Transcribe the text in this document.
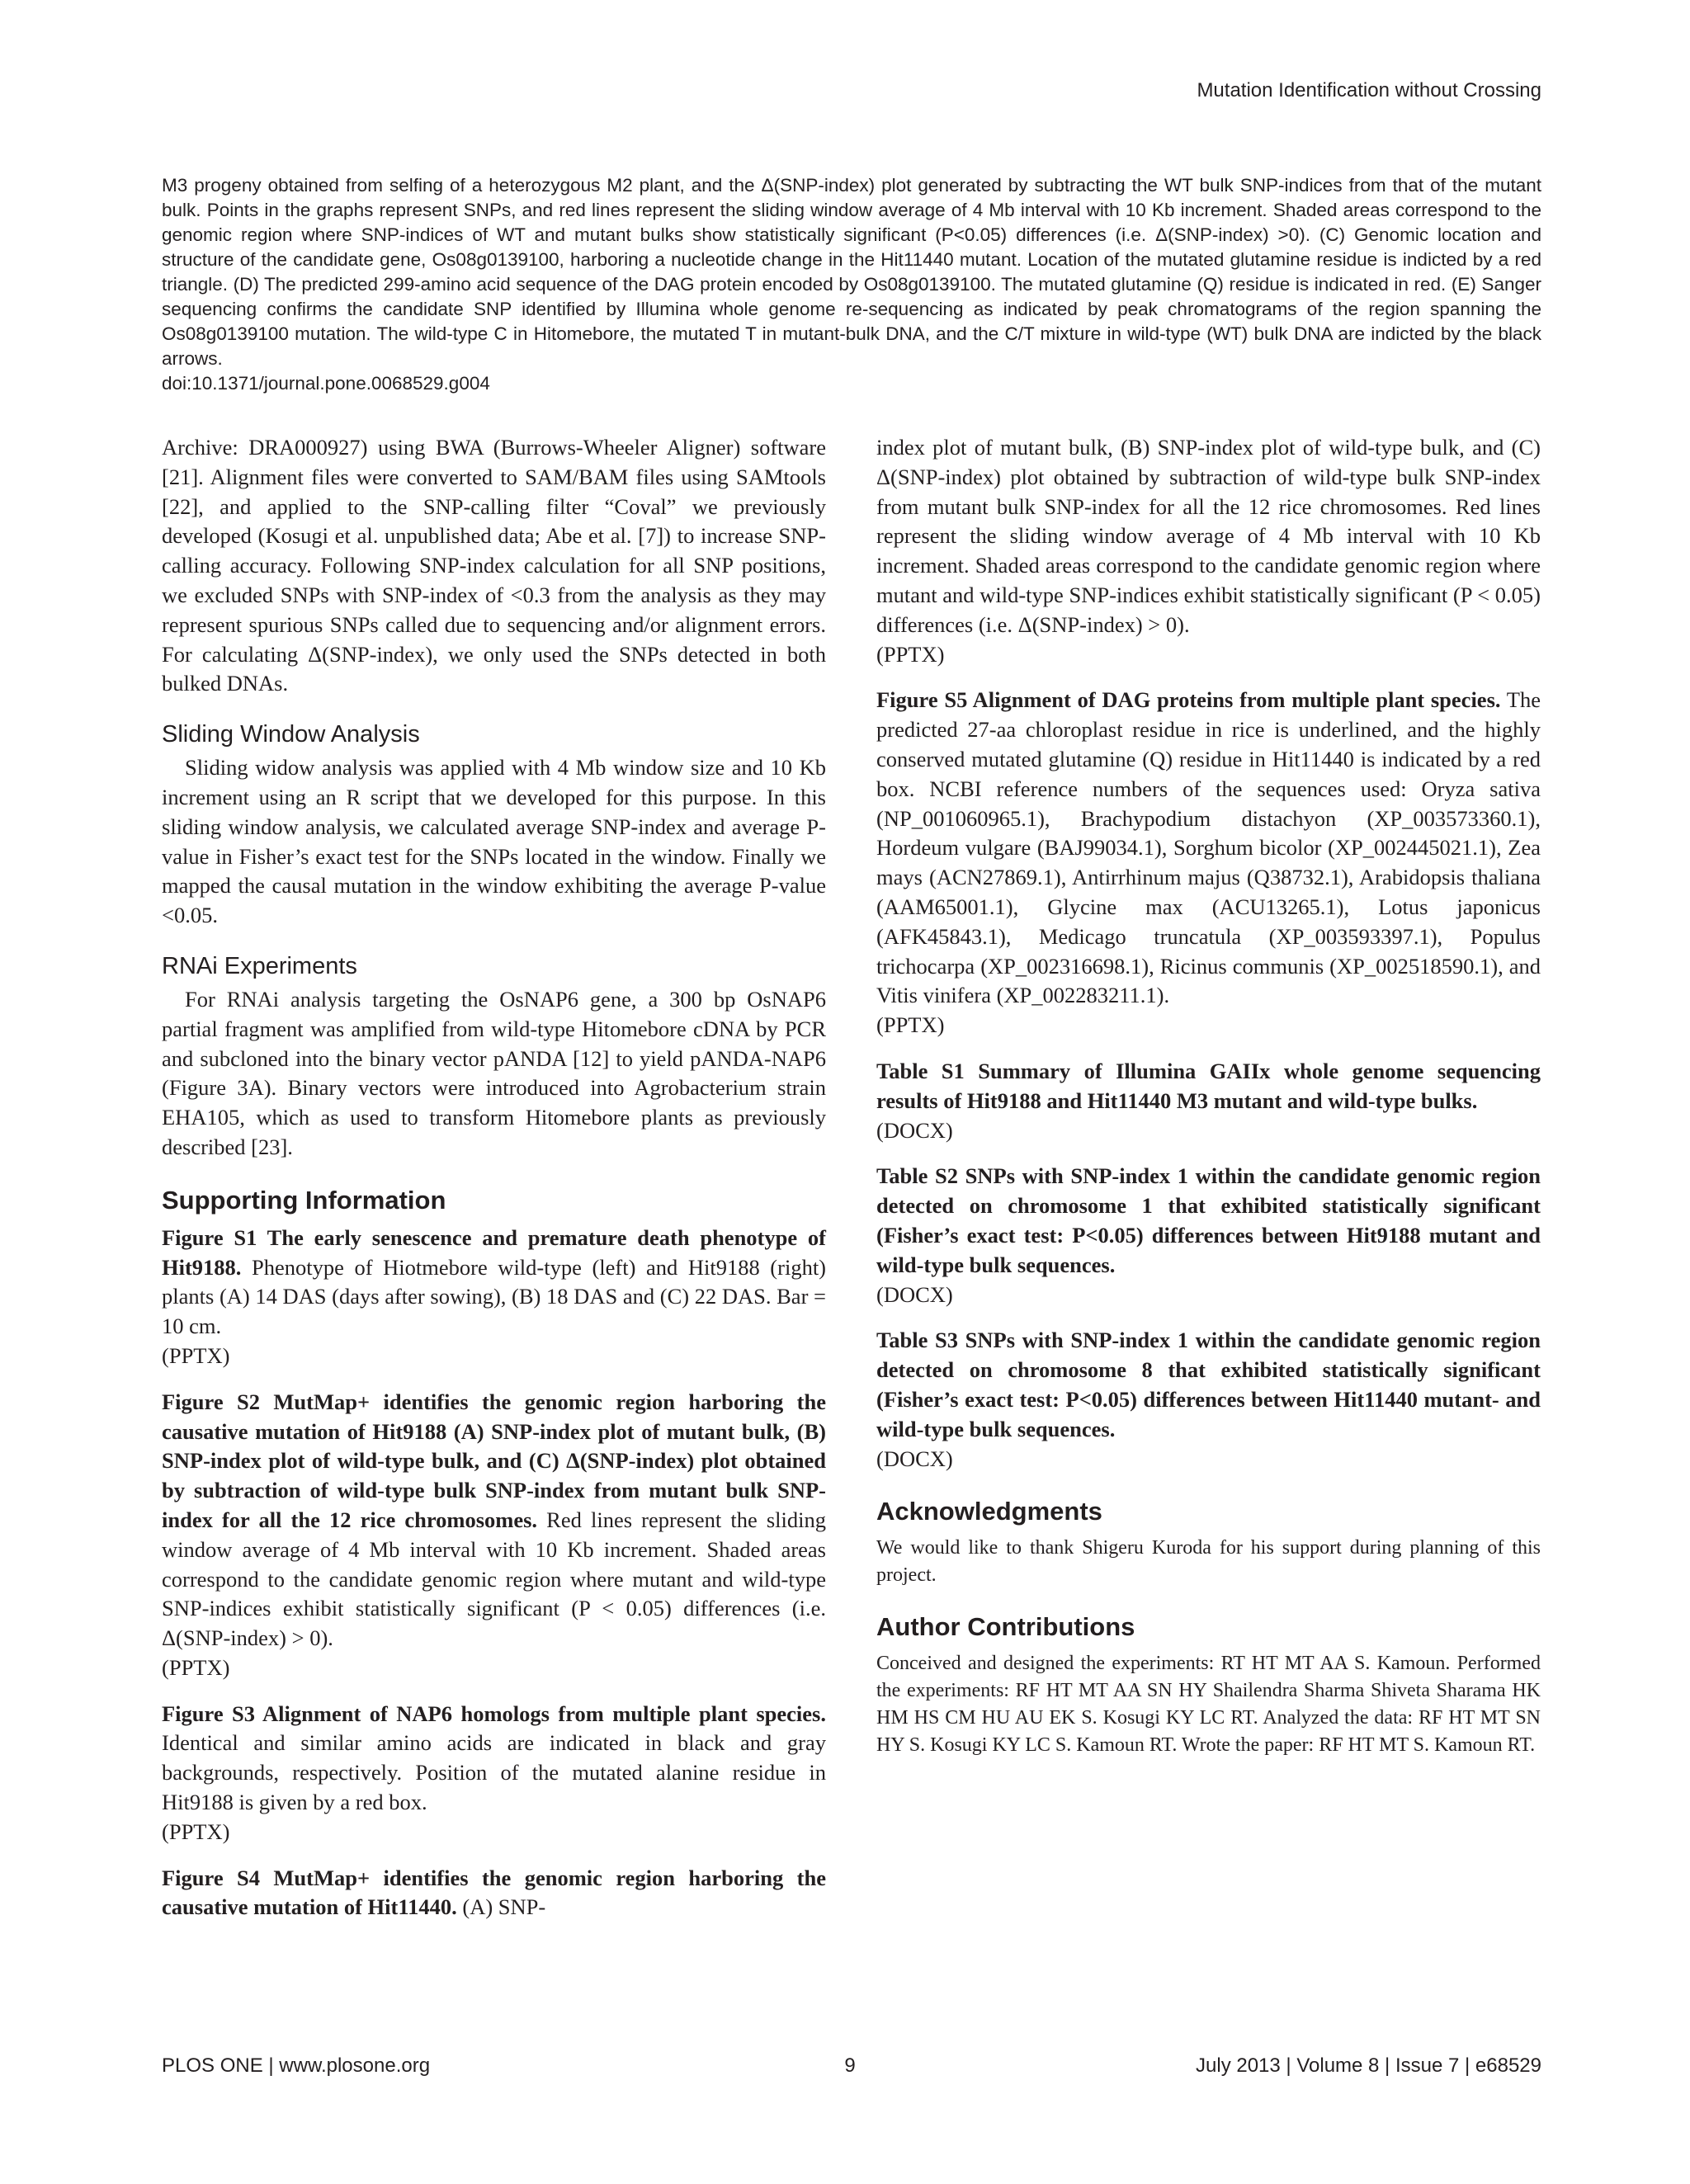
Mutation Identification without Crossing

M3 progeny obtained from selfing of a heterozygous M2 plant, and the Δ(SNP-index) plot generated by subtracting the WT bulk SNP-indices from that of the mutant bulk. Points in the graphs represent SNPs, and red lines represent the sliding window average of 4 Mb interval with 10 Kb increment. Shaded areas correspond to the genomic region where SNP-indices of WT and mutant bulks show statistically significant (P<0.05) differences (i.e. Δ(SNP-index) >0). (C) Genomic location and structure of the candidate gene, Os08g0139100, harboring a nucleotide change in the Hit11440 mutant. Location of the mutated glutamine residue is indicted by a red triangle. (D) The predicted 299-amino acid sequence of the DAG protein encoded by Os08g0139100. The mutated glutamine (Q) residue is indicated in red. (E) Sanger sequencing confirms the candidate SNP identified by Illumina whole genome re-sequencing as indicated by peak chromatograms of the region spanning the Os08g0139100 mutation. The wild-type C in Hitomebore, the mutated T in mutant-bulk DNA, and the C/T mixture in wild-type (WT) bulk DNA are indicted by the black arrows.

doi:10.1371/journal.pone.0068529.g004

Archive: DRA000927) using BWA (Burrows-Wheeler Aligner) software [21]. Alignment files were converted to SAM/BAM files using SAMtools [22], and applied to the SNP-calling filter “Coval” we previously developed (Kosugi et al. unpublished data; Abe et al. [7]) to increase SNP-calling accuracy. Following SNP-index calculation for all SNP positions, we excluded SNPs with SNP-index of <0.3 from the analysis as they may represent spurious SNPs called due to sequencing and/or alignment errors. For calculating Δ(SNP-index), we only used the SNPs detected in both bulked DNAs.

Sliding Window Analysis

Sliding widow analysis was applied with 4 Mb window size and 10 Kb increment using an R script that we developed for this purpose. In this sliding window analysis, we calculated average SNP-index and average P-value in Fisher’s exact test for the SNPs located in the window. Finally we mapped the causal mutation in the window exhibiting the average P-value <0.05.

RNAi Experiments

For RNAi analysis targeting the OsNAP6 gene, a 300 bp OsNAP6 partial fragment was amplified from wild-type Hitomebore cDNA by PCR and subcloned into the binary vector pANDA [12] to yield pANDA-NAP6 (Figure 3A). Binary vectors were introduced into Agrobacterium strain EHA105, which as used to transform Hitomebore plants as previously described [23].

Supporting Information

Figure S1 The early senescence and premature death phenotype of Hit9188. Phenotype of Hiotmebore wild-type (left) and Hit9188 (right) plants (A) 14 DAS (days after sowing), (B) 18 DAS and (C) 22 DAS. Bar = 10 cm.

(PPTX)

Figure S2 MutMap+ identifies the genomic region harboring the causative mutation of Hit9188 (A) SNP-index plot of mutant bulk, (B) SNP-index plot of wild-type bulk, and (C) Δ(SNP-index) plot obtained by subtraction of wild-type bulk SNP-index from mutant bulk SNP-index for all the 12 rice chromosomes. Red lines represent the sliding window average of 4 Mb interval with 10 Kb increment. Shaded areas correspond to the candidate genomic region where mutant and wild-type SNP-indices exhibit statistically significant (P < 0.05) differences (i.e. Δ(SNP-index) > 0).

(PPTX)

Figure S3 Alignment of NAP6 homologs from multiple plant species. Identical and similar amino acids are indicated in black and gray backgrounds, respectively. Position of the mutated alanine residue in Hit9188 is given by a red box.

(PPTX)

Figure S4 MutMap+ identifies the genomic region harboring the causative mutation of Hit11440. (A) SNP-

index plot of mutant bulk, (B) SNP-index plot of wild-type bulk, and (C) Δ(SNP-index) plot obtained by subtraction of wild-type bulk SNP-index from mutant bulk SNP-index for all the 12 rice chromosomes. Red lines represent the sliding window average of 4 Mb interval with 10 Kb increment. Shaded areas correspond to the candidate genomic region where mutant and wild-type SNP-indices exhibit statistically significant (P < 0.05) differences (i.e. Δ(SNP-index) > 0).

(PPTX)

Figure S5 Alignment of DAG proteins from multiple plant species. The predicted 27-aa chloroplast residue in rice is underlined, and the highly conserved mutated glutamine (Q) residue in Hit11440 is indicated by a red box. NCBI reference numbers of the sequences used: Oryza sativa (NP_001060965.1), Brachypodium distachyon (XP_003573360.1), Hordeum vulgare (BAJ99034.1), Sorghum bicolor (XP_002445021.1), Zea mays (ACN27869.1), Antirrhinum majus (Q38732.1), Arabidopsis thaliana (AAM65001.1), Glycine max (ACU13265.1), Lotus japonicus (AFK45843.1), Medicago truncatula (XP_003593397.1), Populus trichocarpa (XP_002316698.1), Ricinus communis (XP_002518590.1), and Vitis vinifera (XP_002283211.1).

(PPTX)

Table S1 Summary of Illumina GAIIx whole genome sequencing results of Hit9188 and Hit11440 M3 mutant and wild-type bulks.

(DOCX)

Table S2 SNPs with SNP-index 1 within the candidate genomic region detected on chromosome 1 that exhibited statistically significant (Fisher’s exact test: P<0.05) differences between Hit9188 mutant and wild-type bulk sequences.

(DOCX)

Table S3 SNPs with SNP-index 1 within the candidate genomic region detected on chromosome 8 that exhibited statistically significant (Fisher’s exact test: P<0.05) differences between Hit11440 mutant- and wild-type bulk sequences.

(DOCX)

Acknowledgments

We would like to thank Shigeru Kuroda for his support during planning of this project.

Author Contributions

Conceived and designed the experiments: RT HT MT AA S. Kamoun. Performed the experiments: RF HT MT AA SN HY Shailendra Sharma Shiveta Sharama HK HM HS CM HU AU EK S. Kosugi KY LC RT. Analyzed the data: RF HT MT SN HY S. Kosugi KY LC S. Kamoun RT. Wrote the paper: RF HT MT S. Kamoun RT.

PLOS ONE | www.plosone.org	9	July 2013 | Volume 8 | Issue 7 | e68529
